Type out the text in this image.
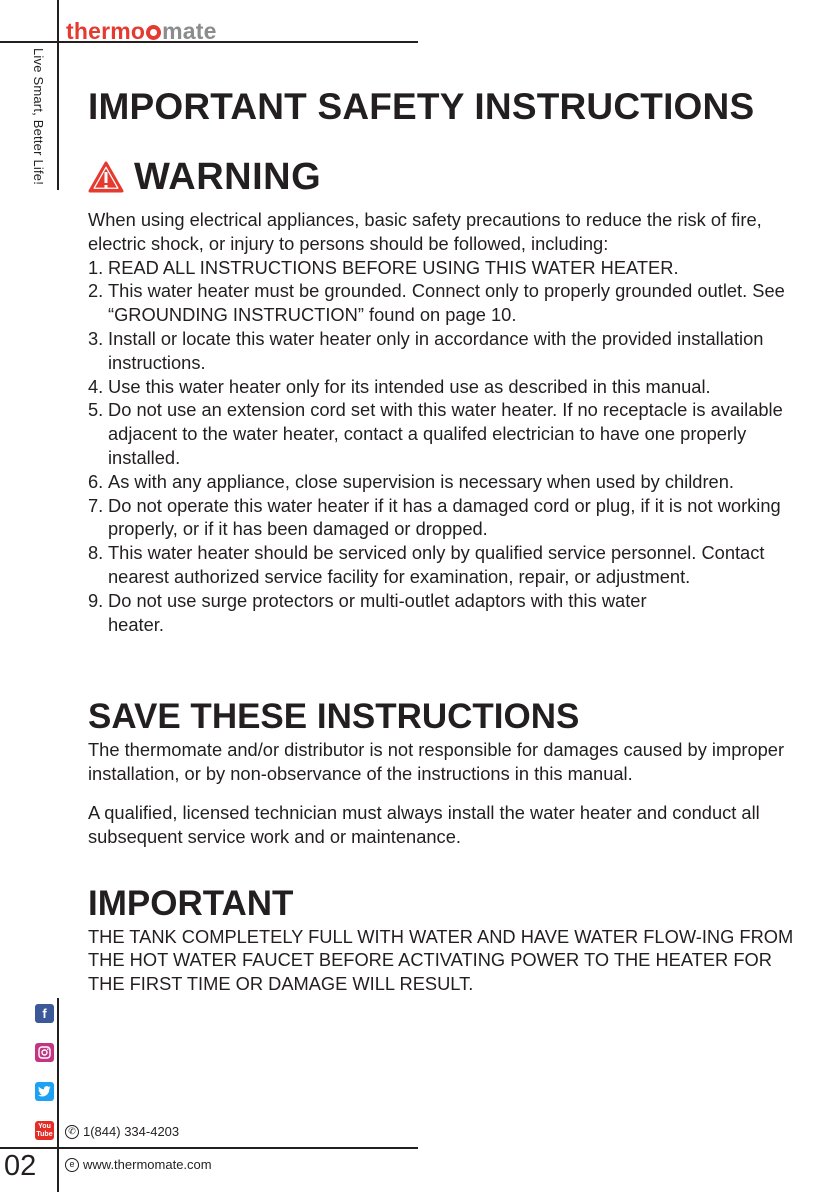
thermo mate
Live Smart, Better Life! IMPORTANT SAFETY INSTRUCTIONS
WARNING
When using electrical appliances, basic safety precautions to reduce the risk of fire, electric shock, or injury to persons should be followed, including:
1. READ ALL INSTRUCTIONS BEFORE USING THIS WATER HEATER.
2. This water heater must be grounded. Connect only to properly grounded outlet. See “GROUNDING INSTRUCTION” found on page 10.
3. Install or locate this water heater only in accordance with the provided installation instructions.
4. Use this water heater only for its intended use as described in this manual.
5. Do not use an extension cord set with this water heater. If no receptacle is available adjacent to the water heater, contact a qualifed electrician to have one properly installed.
6. As with any appliance, close supervision is necessary when used by children.
7. Do not operate this water heater if it has a damaged cord or plug, if it is not working properly, or if it has been damaged or dropped.
8. This water heater should be serviced only by qualified service personnel. Contact nearest authorized service facility for examination, repair, or adjustment.
9. Do not use surge protectors or multi-outlet adaptors with this water heater.
SAVE THESE INSTRUCTIONS
The thermomate and/or distributor is not responsible for damages caused by improper installation, or by non-observance of the instructions in this manual.
A qualified, licensed technician must always install the water heater and conduct all subsequent service work and or maintenance.
IMPORTANT
THE TANK COMPLETELY FULL WITH WATER AND HAVE WATER FLOW-ING FROM THE HOT WATER FAUCET BEFORE ACTIVATING POWER TO THE HEATER FOR THE FIRST TIME OR DAMAGE WILL RESULT.
f
You Tube	✆ 1(844) 334-4203
e www.thermomate.com
02
